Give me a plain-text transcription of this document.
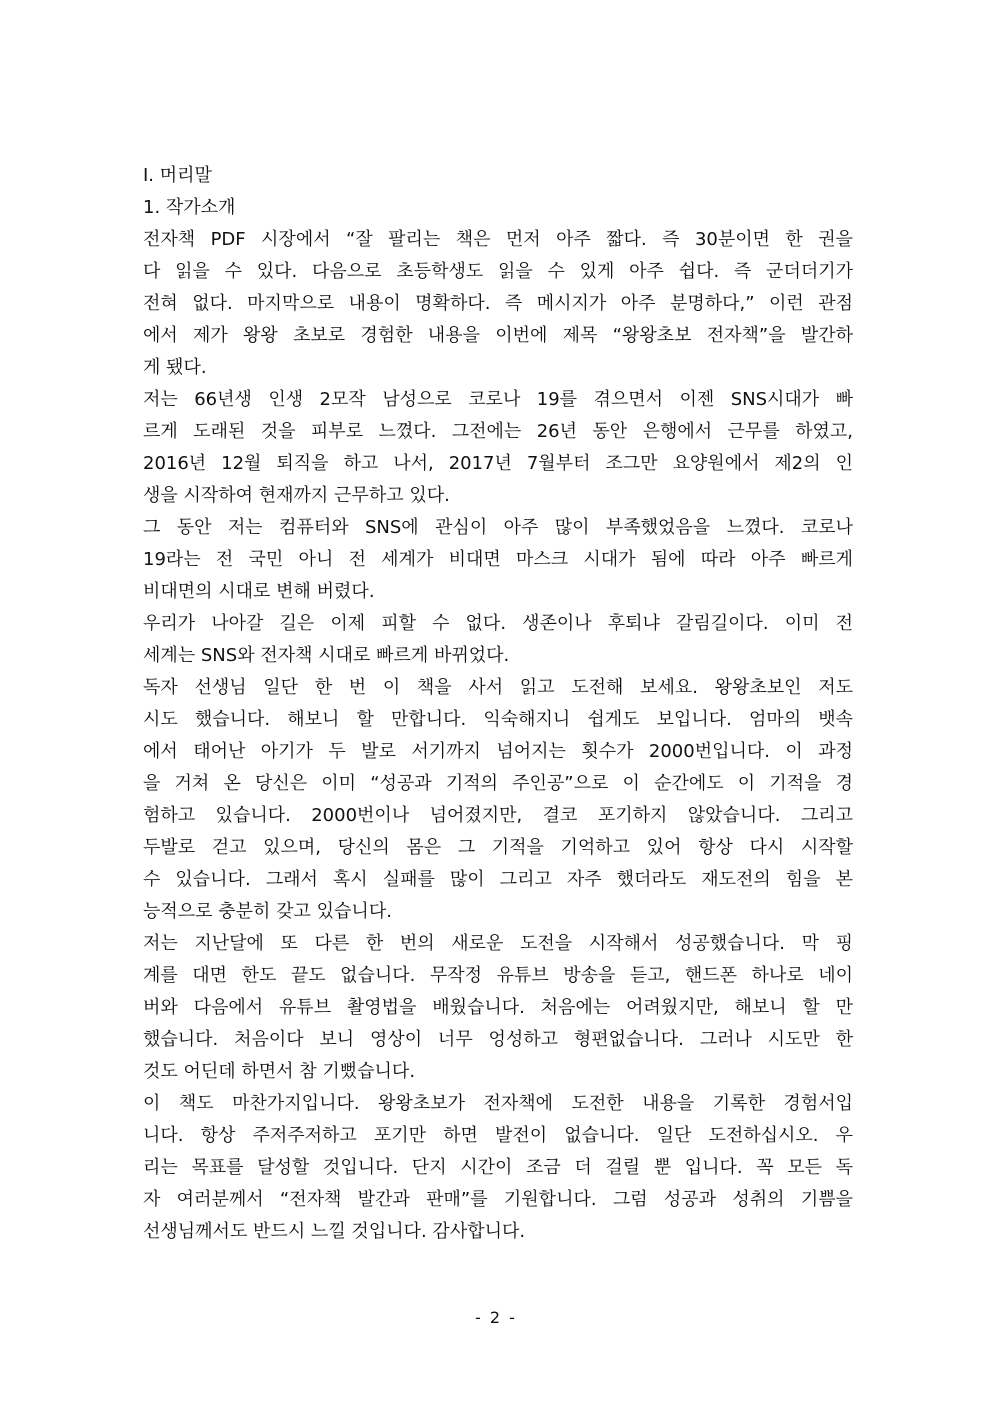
Ⅰ. 머리말
1. 작가소개
전자책 PDF 시장에서 “잘 팔리는 책은 먼저 아주 짧다. 즉 30분이면 한 권을
다 읽을 수 있다. 다음으로 초등학생도 읽을 수 있게 아주 쉽다. 즉 군더더기가
전혀 없다. 마지막으로 내용이 명확하다. 즉 메시지가 아주 분명하다,” 이런 관점
에서 제가 왕왕 초보로 경험한 내용을 이번에 제목 “왕왕초보 전자책”을 발간하
게 됐다.
저는 66년생 인생 2모작 남성으로 코로나 19를 겪으면서 이젠 SNS시대가 빠
르게 도래된 것을 피부로 느꼈다. 그전에는 26년 동안 은행에서 근무를 하였고,
2016년 12월 퇴직을 하고 나서, 2017년 7월부터 조그만 요양원에서 제2의 인
생을 시작하여 현재까지 근무하고 있다.
그 동안 저는 컴퓨터와 SNS에 관심이 아주 많이 부족했었음을 느꼈다. 코로나
19라는 전 국민 아니 전 세계가 비대면 마스크 시대가 됨에 따라 아주 빠르게
비대면의 시대로 변해 버렸다.
우리가 나아갈 길은 이제 피할 수 없다. 생존이나 후퇴냐 갈림길이다. 이미 전
세계는 SNS와 전자책 시대로 빠르게 바뀌었다.
독자 선생님 일단 한 번 이 책을 사서 읽고 도전해 보세요. 왕왕초보인 저도
시도 했습니다. 해보니 할 만합니다. 익숙해지니 쉽게도 보입니다. 엄마의 뱃속
에서 태어난 아기가 두 발로 서기까지 넘어지는 횟수가 2000번입니다. 이 과정
을 거쳐 온 당신은 이미 “성공과 기적의 주인공”으로 이 순간에도 이 기적을 경
험하고 있습니다. 2000번이나 넘어졌지만, 결코 포기하지 않았습니다. 그리고
두발로 걷고 있으며, 당신의 몸은 그 기적을 기억하고 있어 항상 다시 시작할
수 있습니다. 그래서 혹시 실패를 많이 그리고 자주 했더라도 재도전의 힘을 본
능적으로 충분히 갖고 있습니다.
저는 지난달에 또 다른 한 번의 새로운 도전을 시작해서 성공했습니다. 막 핑
계를 대면 한도 끝도 없습니다. 무작정 유튜브 방송을 듣고, 핸드폰 하나로 네이
버와 다음에서 유튜브 촬영법을 배웠습니다. 처음에는 어려웠지만, 해보니 할 만
했습니다. 처음이다 보니 영상이 너무 엉성하고 형편없습니다. 그러나 시도만 한
것도 어딘데 하면서 참 기뻤습니다.
이 책도 마찬가지입니다. 왕왕초보가 전자책에 도전한 내용을 기록한 경험서입
니다. 항상 주저주저하고 포기만 하면 발전이 없습니다. 일단 도전하십시오. 우
리는 목표를 달성할 것입니다. 단지 시간이 조금 더 걸릴 뿐 입니다. 꼭 모든 독
자 여러분께서 “전자책 발간과 판매”를 기원합니다. 그럼 성공과 성취의 기쁨을
선생님께서도 반드시 느낄 것입니다. 감사합니다.
- 2 -
